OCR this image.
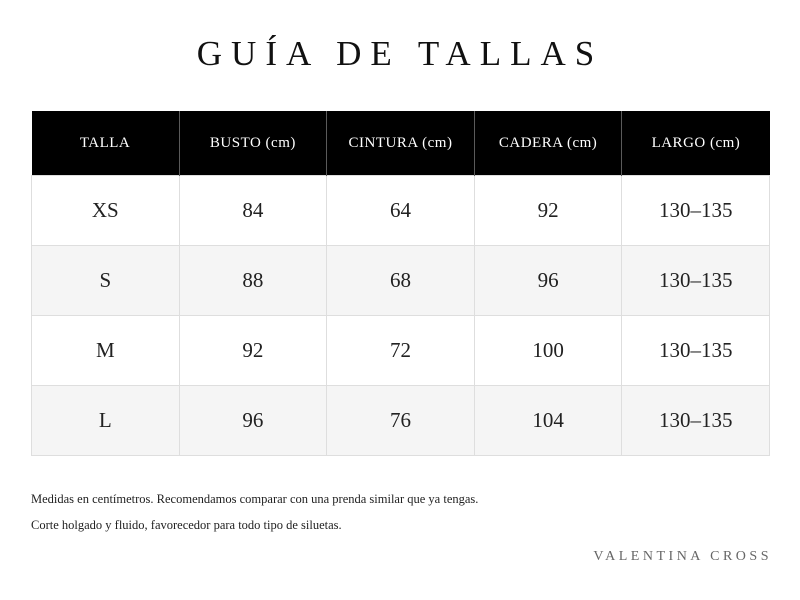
GUÍA DE TALLAS
TALLA	BUSTO (cm)	CINTURA (cm)	CADERA (cm)	LARGO (cm)
XS	84	64	92	130–135
S	88	68	96	130–135
M	92	72	100	130–135
L	96	76	104	130–135

Medidas en centímetros. Recomendamos comparar con una prenda similar que ya tengas.

Corte holgado y fluido, favorecedor para todo tipo de siluetas.

VALENTINA CROSS
